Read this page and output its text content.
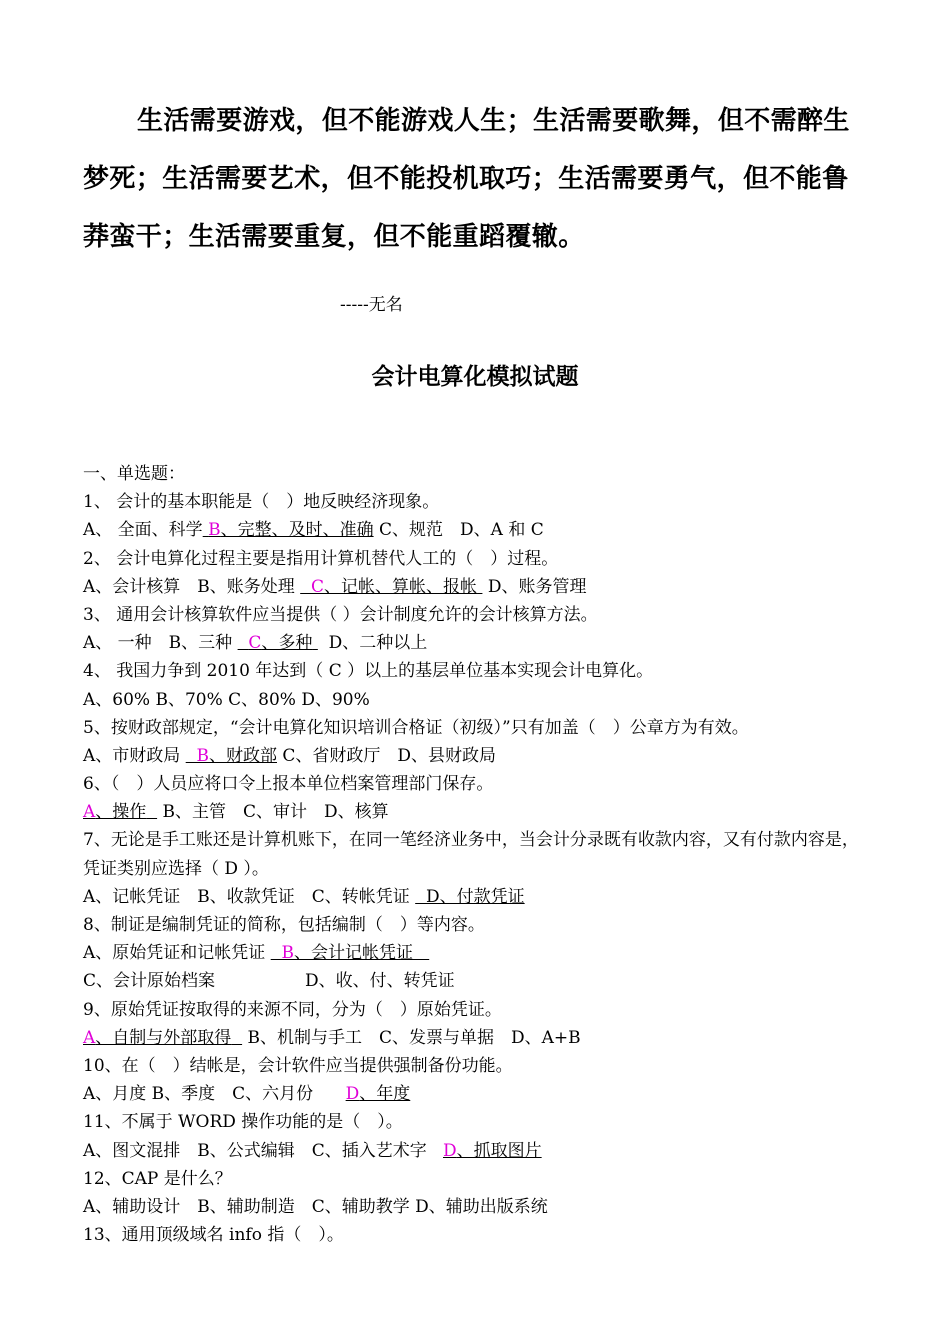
生活需要游戏，但不能游戏人生；生活需要歌舞，但不需醉生梦死；生活需要艺术，但不能投机取巧；生活需要勇气，但不能鲁莽蛮干；生活需要重复，但不能重蹈覆辙。
-----无名
会计电算化模拟试题
一、单选题：
1、 会计的基本职能是（　）地反映经济现象。
A、 全面、科学 B、完整、及时、准确 C、规范　D、A 和 C
2、 会计电算化过程主要是指用计算机替代人工的（　）过程。
A、会计核算　B、账务处理 C、记帐、算帐、报帐 D、账务管理
3、 通用会计核算软件应当提供（ ）会计制度允许的会计核算方法。
A、 一种　B、三种 C、多种 D、二种以上
4、 我国力争到 2010 年达到（ C ）以上的基层单位基本实现会计电算化。
A、60% B、70% C、80% D、90%
5、按财政部规定，“会计电算化知识培训合格证（初级）”只有加盖（　）公章方为有效。
A、市财政局 B、财政部 C、省财政厅　D、县财政局
6、（　）人员应将口令上报本单位档案管理部门保存。
A、操作 B、主管　C、审计　D、核算
7、无论是手工账还是计算机账下，在同一笔经济业务中，当会计分录既有收款内容，又有付款内容是，凭证类别应选择（ D ）。
A、记帐凭证　B、收款凭证　C、转帐凭证 D、付款凭证
8、制证是编制凭证的简称，包括编制（　）等内容。
A、原始凭证和记帐凭证 B、会计记帐凭证
C、会计原始档案	D、收、付、转凭证
9、原始凭证按取得的来源不同，分为（　）原始凭证。
A、自制与外部取得 B、机制与手工　C、发票与单据　D、A+B
10、在（　）结帐是，会计软件应当提供强制备份功能。
A、月度 B、季度　C、六月份 D、年度
11、不属于 WORD 操作功能的是（　）。
A、图文混排　B、公式编辑　C、插入艺术字 D、抓取图片
12、CAP 是什么？
A、辅助设计　B、辅助制造　C、辅助教学 D、辅助出版系统
13、通用顶级域名 info 指（　）。
